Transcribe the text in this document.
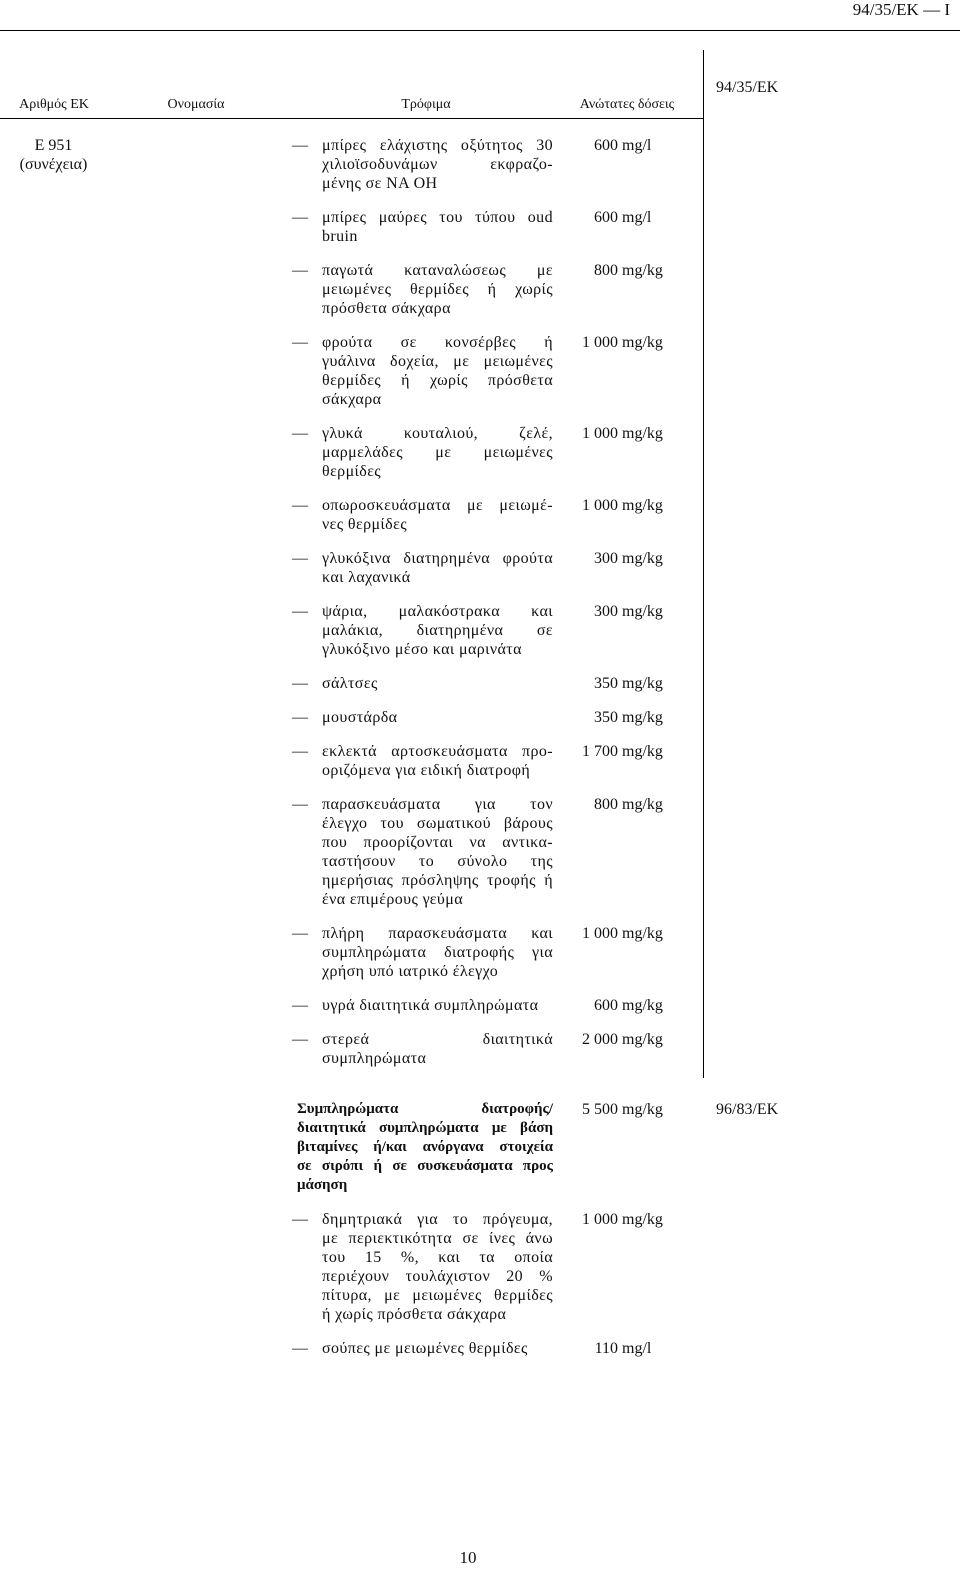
94/35/ΕΚ — Ι
94/35/ΕΚ
Αριθμός ΕΚ	Ονομασία	Τρόφιμα	Ανώτατες δόσεις
Ε 951
(συνέχεια)
— μπίρες ελάχιστης οξύτητος 30
χιλιοϊσοδυνάμων εκφραζο-
μένης σε ΝΑ ΟΗ
600 mg/l
— μπίρες μαύρες του τύπου oud
bruin
600 mg/l
— παγωτά καταναλώσεως με
μειωμένες θερμίδες ή χωρίς
πρόσθετα σάκχαρα
800 mg/kg
— φρούτα σε κονσέρβες ή
γυάλινα δοχεία, με μειωμένες
θερμίδες ή χωρίς πρόσθετα
σάκχαρα
1 000 mg/kg
— γλυκά κουταλιού, ζελέ,
μαρμελάδες με μειωμένες
θερμίδες
1 000 mg/kg
— οπωροσκευάσματα με μειωμέ-
νες θερμίδες
1 000 mg/kg
— γλυκόξινα διατηρημένα φρούτα
και λαχανικά
300 mg/kg
— ψάρια, μαλακόστρακα και
μαλάκια, διατηρημένα σε
γλυκόξινο μέσο και μαρινάτα
300 mg/kg
— σάλτσες	350 mg/kg
— μουστάρδα	350 mg/kg
— εκλεκτά αρτοσκευάσματα προ-
οριζόμενα για ειδική διατροφή
1 700 mg/kg
— παρασκευάσματα για τον
έλεγχο του σωματικού βάρους
που προορίζονται να αντικα-
ταστήσουν το σύνολο της
ημερήσιας πρόσληψης τροφής ή
ένα επιμέρους γεύμα
800 mg/kg
— πλήρη παρασκευάσματα και
συμπληρώματα διατροφής για
χρήση υπό ιατρικό έλεγχο
1 000 mg/kg
— υγρά διαιτητικά συμπληρώματα	600 mg/kg
— στερεά διαιτητικά
συμπληρώματα
2 000 mg/kg
Συμπληρώματα διατροφής/
διαιτητικά συμπληρώματα με βάση
βιταμίνες ή/και ανόργανα στοιχεία
σε σιρόπι ή σε συσκευάσματα προς
μάσηση
5 500 mg/kg	96/83/ΕΚ
— δημητριακά για το πρόγευμα,
με περιεκτικότητα σε ίνες άνω
του 15 %, και τα οποία
περιέχουν τουλάχιστον 20 %
πίτυρα, με μειωμένες θερμίδες
ή χωρίς πρόσθετα σάκχαρα
1 000 mg/kg
— σούπες με μειωμένες θερμίδες	110 mg/l
10
